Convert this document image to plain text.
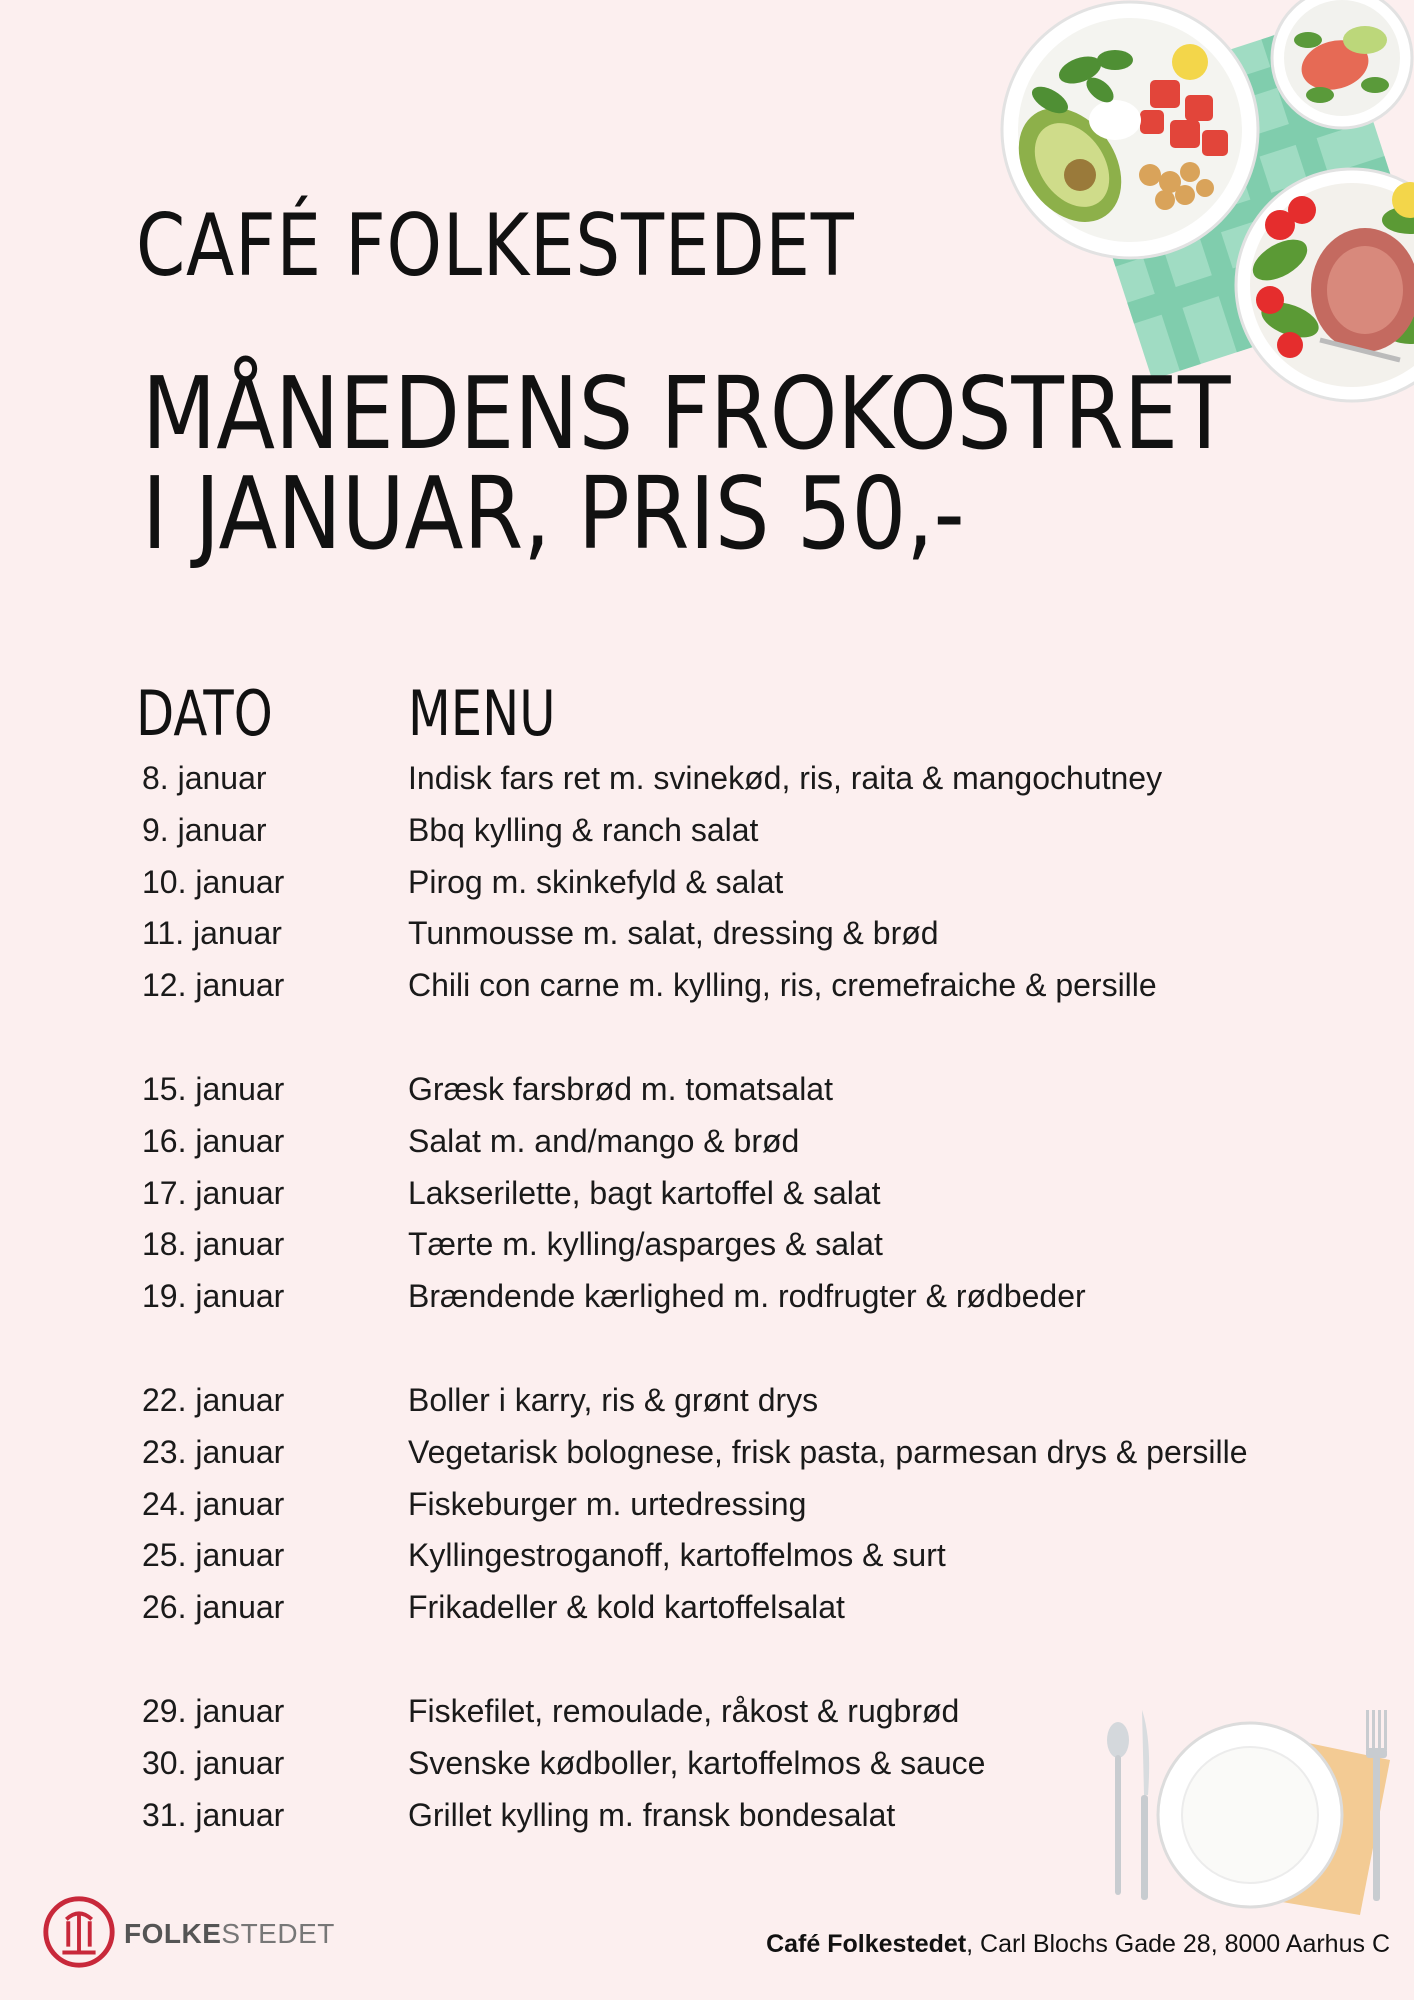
CAFÉ FOLKESTEDET
MÅNEDENS FROKOSTRET
I JANUAR, PRIS 50,-
DATO MENU
8. januar	Indisk fars ret m. svinekød, ris, raita & mangochutney
9. januar	Bbq kylling & ranch salat
10. januar	Pirog m. skinkefyld & salat
11. januar	Tunmousse m. salat, dressing & brød
12. januar	Chili con carne m. kylling, ris, cremefraiche & persille
15. januar	Græsk farsbrød m. tomatsalat
16. januar	Salat m. and/mango & brød
17. januar	Lakserilette, bagt kartoffel & salat
18. januar	Tærte m. kylling/asparges & salat
19. januar	Brændende kærlighed m. rodfrugter & rødbeder
22. januar	Boller i karry, ris & grønt drys
23. januar	Vegetarisk bolognese, frisk pasta, parmesan drys & persille
24. januar	Fiskeburger m. urtedressing
25. januar	Kyllingestroganoff, kartoffelmos & surt
26. januar	Frikadeller & kold kartoffelsalat
29. januar	Fiskefilet, remoulade, råkost & rugbrød
30. januar	Svenske kødboller, kartoffelmos & sauce
31. januar	Grillet kylling m. fransk bondesalat
FOLKESTEDET	Café Folkestedet, Carl Blochs Gade 28, 8000 Aarhus C
